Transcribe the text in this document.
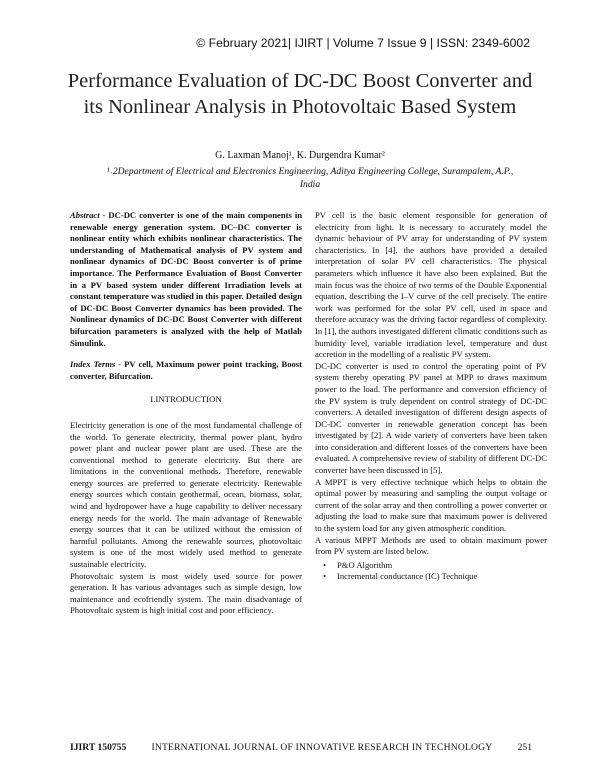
© February 2021| IJIRT | Volume 7 Issue 9 | ISSN: 2349-6002
Performance Evaluation of DC-DC Boost Converter and
its Nonlinear Analysis in Photovoltaic Based System
G. Laxman Manoj¹, K. Durgendra Kumar²
¹˒2Department of Electrical and Electronics Engineering, Aditya Engineering College, Surampalem, A.P., India

Abstract - DC-DC converter is one of the main components in renewable energy generation system. DC–DC converter is nonlinear entity which exhibits nonlinear characteristics. The understanding of Mathematical analysis of PV system and nonlinear dynamics of DC-DC Boost converter is of prime importance. The Performance Evaluation of Boost Converter in a PV based system under different Irradiation levels at constant temperature was studied in this paper. Detailed design of DC-DC Boost Converter dynamics has been provided. The Nonlinear dynamics of DC-DC Boost Converter with different bifurcation parameters is analyzed with the help of Matlab Simulink.

Index Terms - PV cell, Maximum power point tracking, Boost converter, Bifurcation.

I.INTRODUCTION

Electricity generation is one of the most fundamental challenge of the world. To generate electricity, thermal power plant, hydro power plant and nuclear power plant are used. These are the conventional method to generate electricity. But there are limitations in the conventional methods. Therefore, renewable energy sources are preferred to generate electricity. Renewable energy sources which contain geothermal, ocean, biomass, solar, wind and hydropower have a huge capability to deliver necessary energy needs for the world. The main advantage of Renewable energy sources that it can be utilized without the emission of harmful pollutants. Among the renewable sources, photovoltaic system is one of the most widely used method to generate sustainable electricity.

Photovoltaic system is most widely used source for power generation. It has various advantages such as simple design, low maintenance and ecofriendly system. The main disadvantage of Photovoltaic system is high initial cost and poor efficiency.

PV cell is the basic element responsible for generation of electricity from light. It is necessary to accurately model the dynamic behaviour of PV array for understanding of PV system characteristics. In [4], the authors have provided a detailed interpretation of solar PV cell characteristics. The physical parameters which influence it have also been explained. But the main focus was the choice of two terms of the Double Exponential equation, describing the I–V curve of the cell precisely. The entire work was performed for the solar PV cell, used in space and therefore accuracy was the driving factor regardless of complexity. In [1], the authors investigated different climatic conditions such as humidity level, variable irradiation level, temperature and dust accretion in the modelling of a realistic PV system.

DC-DC converter is used to control the operating point of PV system thereby operating PV panel at MPP to draws maximum power to the load. The performance and conversion efficiency of the PV system is truly dependent on control strategy of DC-DC converters. A detailed investigation of different design aspects of DC-DC converter in renewable generation concept has been investigated by [2]. A wide variety of converters have been taken into consideration and different losses of the converters have been evaluated. A comprehensive review of stability of different DC-DC converter have been discussed in [5].

A MPPT is very effective technique which helps to obtain the optimal power by measuring and sampling the output voltage or current of the solar array and then controlling a power converter or adjusting the load to make sure that maximum power is delivered to the system load for any given atmospheric condition.

A various MPPT Methods are used to obtain maximum power from PV system are listed below.

• P&O Algorithm
• Incremental conductance (IC) Technique
IJIRT 150755	INTERNATIONAL JOURNAL OF INNOVATIVE RESEARCH IN TECHNOLOGY	251
